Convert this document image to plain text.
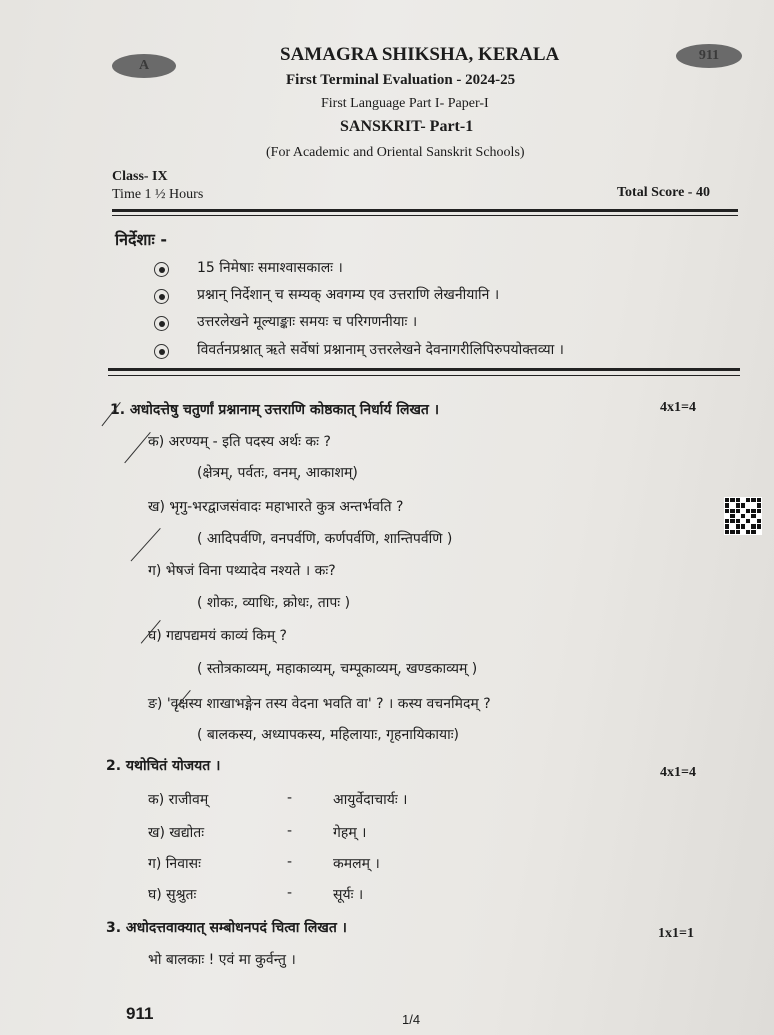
A
911
SAMAGRA SHIKSHA, KERALA
First Terminal Evaluation - 2024-25
First Language Part I- Paper-I
SANSKRIT- Part-1
(For Academic and Oriental Sanskrit Schools)
Class- IX
Time 1 ½ Hours	Total Score - 40
निर्देशाः -
15 निमेषाः समाश्वासकालः ।
प्रश्नान् निर्देशान् च सम्यक् अवगम्य एव उत्तराणि लेखनीयानि ।
उत्तरलेखने मूल्याङ्काः समयः च परिगणनीयाः ।
विवर्तनप्रश्नात् ऋते सर्वेषां प्रश्नानाम् उत्तरलेखने देवनागरीलिपिरुपयोक्तव्या ।
1. अधोदत्तेषु चतुर्णां प्रश्नानाम् उत्तराणि कोष्ठकात् निर्धार्य लिखत ।	4x1=4
क) अरण्यम् - इति पदस्य अर्थः कः ?
(क्षेत्रम्, पर्वतः, वनम्, आकाशम्)
ख) भृगु-भरद्वाजसंवादः महाभारते कुत्र अन्तर्भवति ?
( आदिपर्वणि, वनपर्वणि, कर्णपर्वणि, शान्तिपर्वणि )
ग) भेषजं विना पथ्यादेव नश्यते । कः?
( शोकः, व्याधिः, क्रोधः, तापः )
घ) गद्यपद्यमयं काव्यं किम् ?
( स्तोत्रकाव्यम्, महाकाव्यम्, चम्पूकाव्यम्, खण्डकाव्यम् )
ङ) 'वृक्षस्य शाखाभङ्गेन तस्य वेदना भवति वा' ? । कस्य वचनमिदम् ?
( बालकस्य, अध्यापकस्य, महिलायाः, गृहनायिकायाः)
2. यथोचितं योजयत ।	4x1=4
क) राजीवम्	-	आयुर्वेदाचार्यः ।
ख) खद्योतः	-	गेहम् ।
ग) निवासः	-	कमलम् ।
घ) सुश्रुतः	-	सूर्यः ।
3. अधोदत्तवाक्यात् सम्बोधनपदं चित्वा लिखत ।	1x1=1
भो बालकाः ! एवं मा कुर्वन्तु ।
911	1/4
